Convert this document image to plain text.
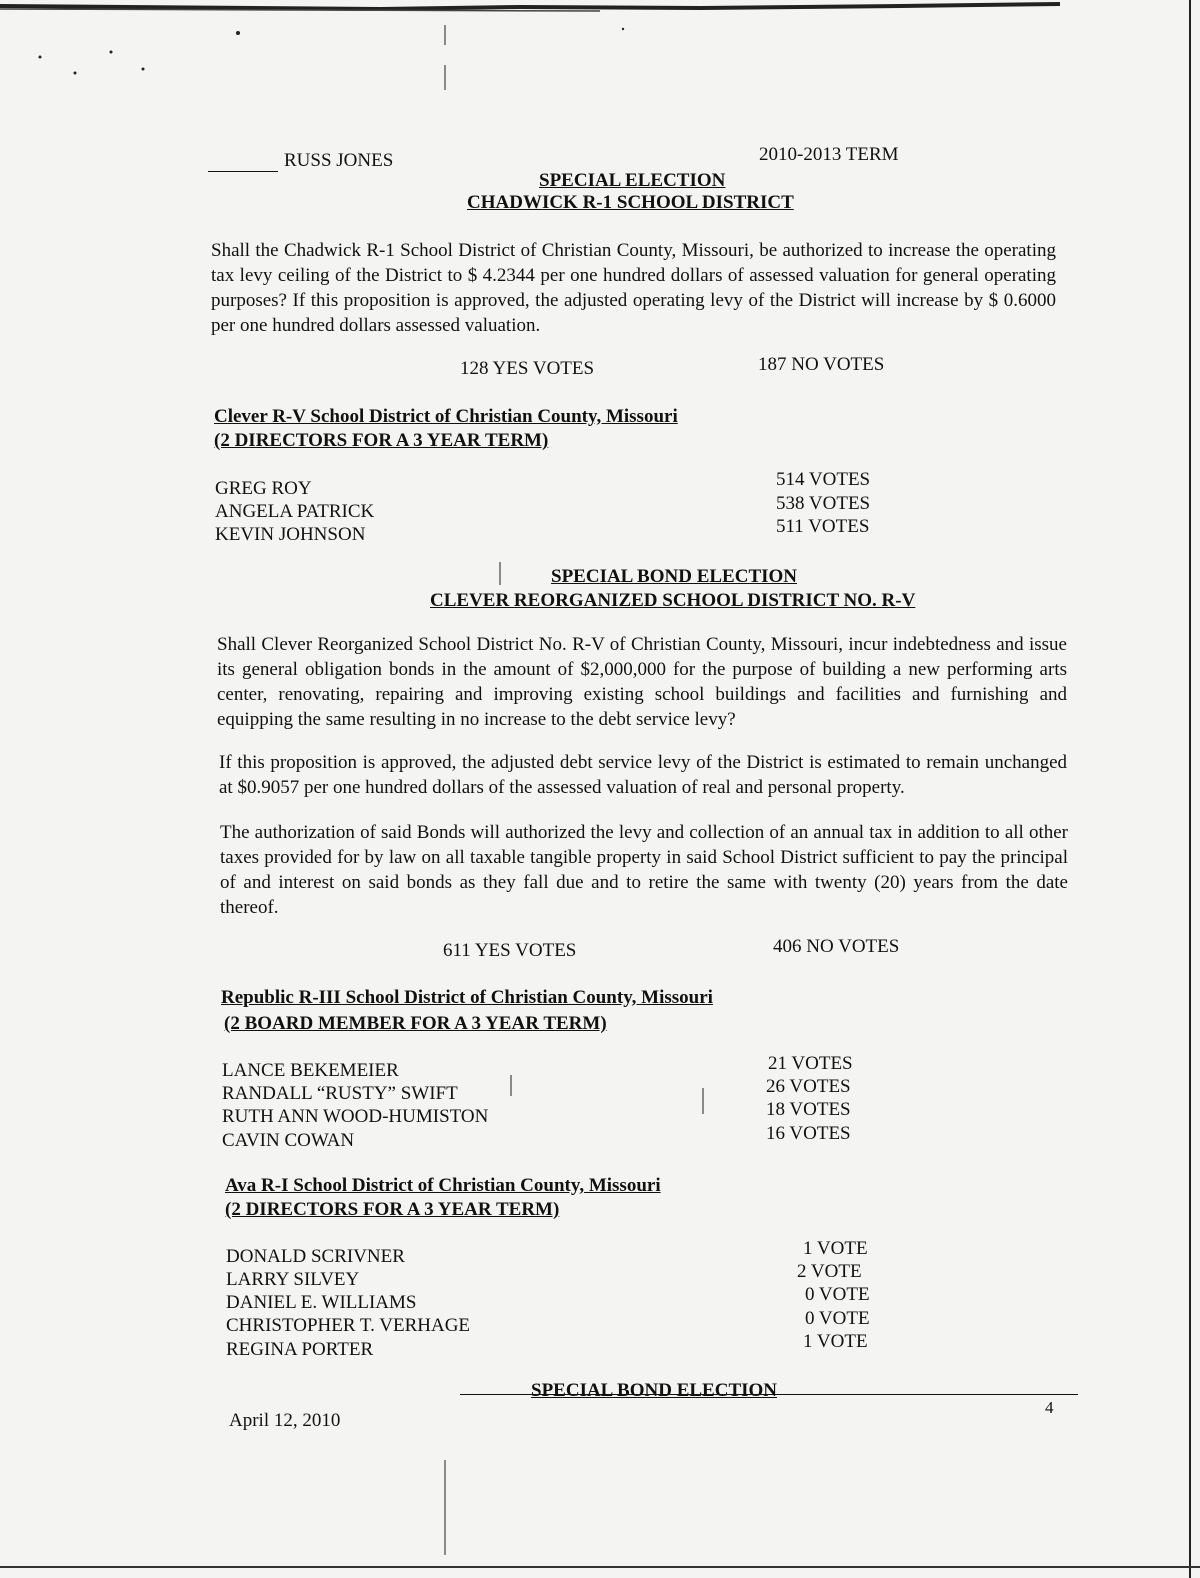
RUSS JONES	2010-2013 TERM
SPECIAL ELECTION
CHADWICK R-1 SCHOOL DISTRICT
Shall the Chadwick R-1 School District of Christian County, Missouri, be authorized to increase the operating tax levy ceiling of the District to $ 4.2344 per one hundred dollars of assessed valuation for general operating purposes? If this proposition is approved, the adjusted operating levy of the District will increase by $ 0.6000 per one hundred dollars assessed valuation.
128 YES VOTES	187 NO VOTES
Clever R-V School District of Christian County, Missouri
(2 DIRECTORS FOR A 3 YEAR TERM)
GREG ROY	514 VOTES
ANGELA PATRICK	538 VOTES
KEVIN JOHNSON	511 VOTES
SPECIAL BOND ELECTION
CLEVER REORGANIZED SCHOOL DISTRICT NO. R-V
Shall Clever Reorganized School District No. R-V of Christian County, Missouri, incur indebtedness and issue its general obligation bonds in the amount of $2,000,000 for the purpose of building a new performing arts center, renovating, repairing and improving existing school buildings and facilities and furnishing and equipping the same resulting in no increase to the debt service levy?
If this proposition is approved, the adjusted debt service levy of the District is estimated to remain unchanged at $0.9057 per one hundred dollars of the assessed valuation of real and personal property.
The authorization of said Bonds will authorized the levy and collection of an annual tax in addition to all other taxes provided for by law on all taxable tangible property in said School District sufficient to pay the principal of and interest on said bonds as they fall due and to retire the same with twenty (20) years from the date thereof.
611 YES VOTES	406 NO VOTES
Republic R-III School District of Christian County, Missouri
(2 BOARD MEMBER FOR A 3 YEAR TERM)
LANCE BEKEMEIER	21 VOTES
RANDALL “RUSTY” SWIFT	26 VOTES
RUTH ANN WOOD-HUMISTON	18 VOTES
CAVIN COWAN	16 VOTES
Ava R-I School District of Christian County, Missouri
(2 DIRECTORS FOR A 3 YEAR TERM)
DONALD SCRIVNER	1 VOTE
LARRY SILVEY	2 VOTE
DANIEL E. WILLIAMS	0 VOTE
CHRISTOPHER T. VERHAGE	0 VOTE
REGINA PORTER	1 VOTE
SPECIAL BOND ELECTION
April 12, 2010
4
